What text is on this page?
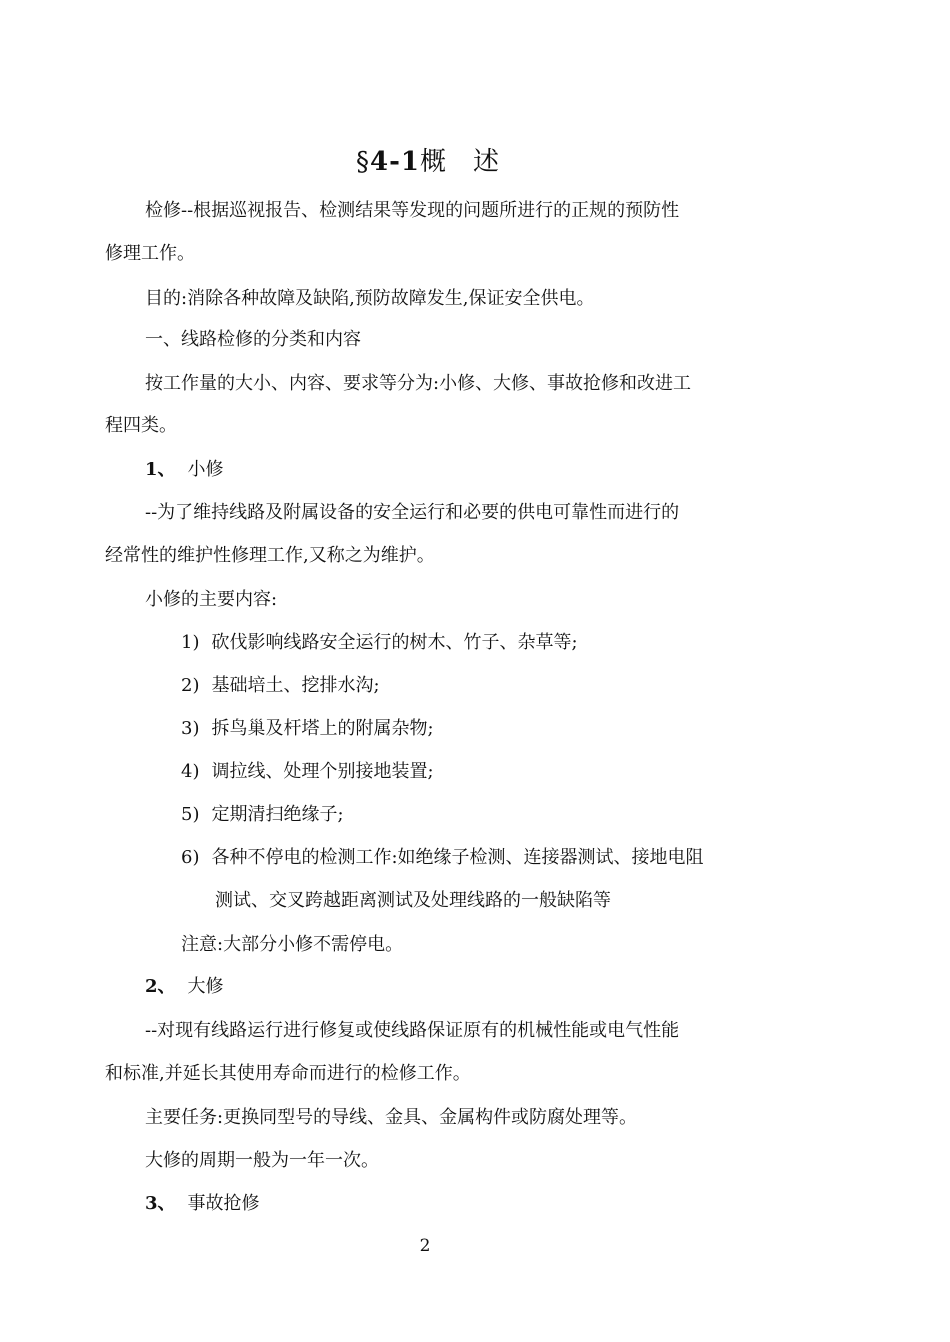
§4-1概 述
检修--根据巡视报告、检测结果等发现的问题所进行的正规的预防性
修理工作。
目的:消除各种故障及缺陷,预防故障发生,保证安全供电。
一、线路检修的分类和内容
按工作量的大小、内容、要求等分为:小修、大修、事故抢修和改进工
程四类。
1、 小修
--为了维持线路及附属设备的安全运行和必要的供电可靠性而进行的
经常性的维护性修理工作,又称之为维护。
小修的主要内容:
1) 砍伐影响线路安全运行的树木、竹子、杂草等;
2) 基础培土、挖排水沟;
3) 拆鸟巢及杆塔上的附属杂物;
4) 调拉线、处理个别接地装置;
5) 定期清扫绝缘子;
6) 各种不停电的检测工作:如绝缘子检测、连接器测试、接地电阻
测试、交叉跨越距离测试及处理线路的一般缺陷等
注意:大部分小修不需停电。
2、 大修
--对现有线路运行进行修复或使线路保证原有的机械性能或电气性能
和标准,并延长其使用寿命而进行的检修工作。
主要任务:更换同型号的导线、金具、金属构件或防腐处理等。
大修的周期一般为一年一次。
3、 事故抢修
2
